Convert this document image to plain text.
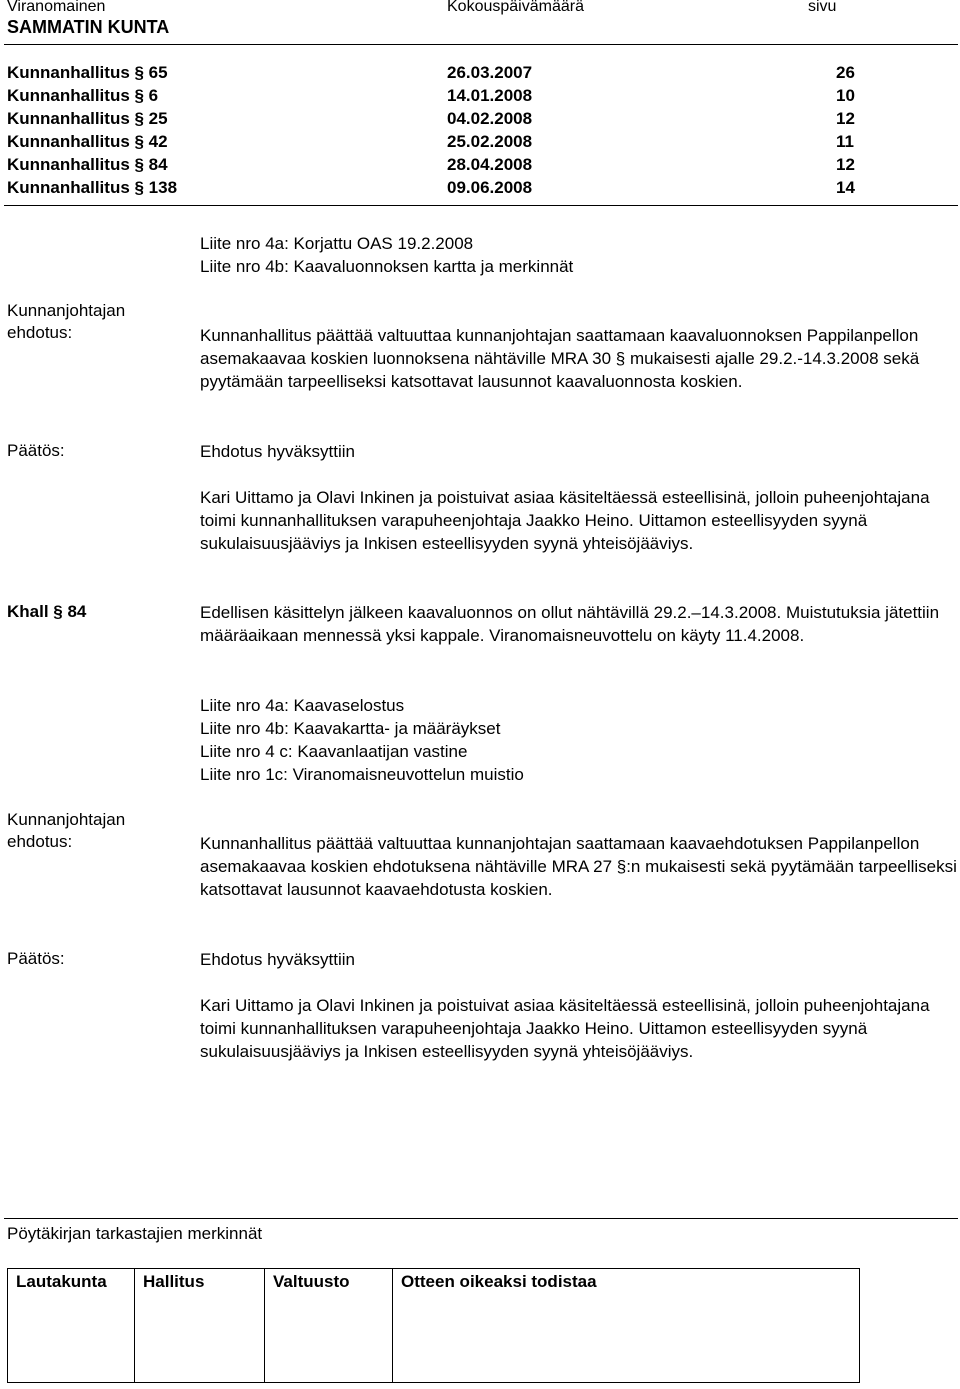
Viranomainen	Kokouspäivämäärä	sivu
SAMMATIN KUNTA
Kunnanhallitus § 65	26.03.2007	26
Kunnanhallitus § 6	14.01.2008	10
Kunnanhallitus § 25	04.02.2008	12
Kunnanhallitus § 42	25.02.2008	11
Kunnanhallitus § 84	28.04.2008	12
Kunnanhallitus § 138	09.06.2008	14
Liite nro 4a: Korjattu OAS 19.2.2008
Liite nro 4b: Kaavaluonnoksen kartta ja merkinnät
Kunnanjohtajan
ehdotus:	Kunnanhallitus päättää valtuuttaa kunnanjohtajan saattamaan kaavaluonnoksen Pappilanpellon asemakaavaa koskien luonnoksena nähtäville MRA 30 § mukaisesti ajalle 29.2.-14.3.2008 sekä pyytämään tarpeelliseksi katsottavat lausunnot kaavaluonnosta koskien.
Päätös:	Ehdotus hyväksyttiin
Kari Uittamo ja Olavi Inkinen ja poistuivat asiaa käsiteltäessä esteellisinä, jolloin puheenjohtajana toimi kunnanhallituksen varapuheenjohtaja Jaakko Heino. Uittamon esteellisyyden syynä sukulaisuusjääviys ja Inkisen esteellisyyden syynä yhteisöjääviys.
Khall § 84	Edellisen käsittelyn jälkeen kaavaluonnos on ollut nähtävillä 29.2.–14.3.2008. Muistutuksia jätettiin määräaikaan mennessä yksi kappale. Viranomaisneuvottelu on käyty 11.4.2008.
Liite nro 4a: Kaavaselostus
Liite nro 4b: Kaavakartta- ja määräykset
Liite nro 4 c: Kaavanlaatijan vastine
Liite nro 1c: Viranomaisneuvottelun muistio
Kunnanjohtajan
ehdotus:	Kunnanhallitus päättää valtuuttaa kunnanjohtajan saattamaan kaavaehdotuksen Pappilanpellon asemakaavaa koskien ehdotuksena nähtäville MRA 27 §:n mukaisesti sekä pyytämään tarpeelliseksi katsottavat lausunnot kaavaehdotusta koskien.
Päätös:	Ehdotus hyväksyttiin
Kari Uittamo ja Olavi Inkinen ja poistuivat asiaa käsiteltäessä esteellisinä, jolloin puheenjohtajana toimi kunnanhallituksen varapuheenjohtaja Jaakko Heino. Uittamon esteellisyyden syynä sukulaisuusjääviys ja Inkisen esteellisyyden syynä yhteisöjääviys.
Pöytäkirjan tarkastajien merkinnät
Lautakunta	Hallitus	Valtuusto	Otteen oikeaksi todistaa
